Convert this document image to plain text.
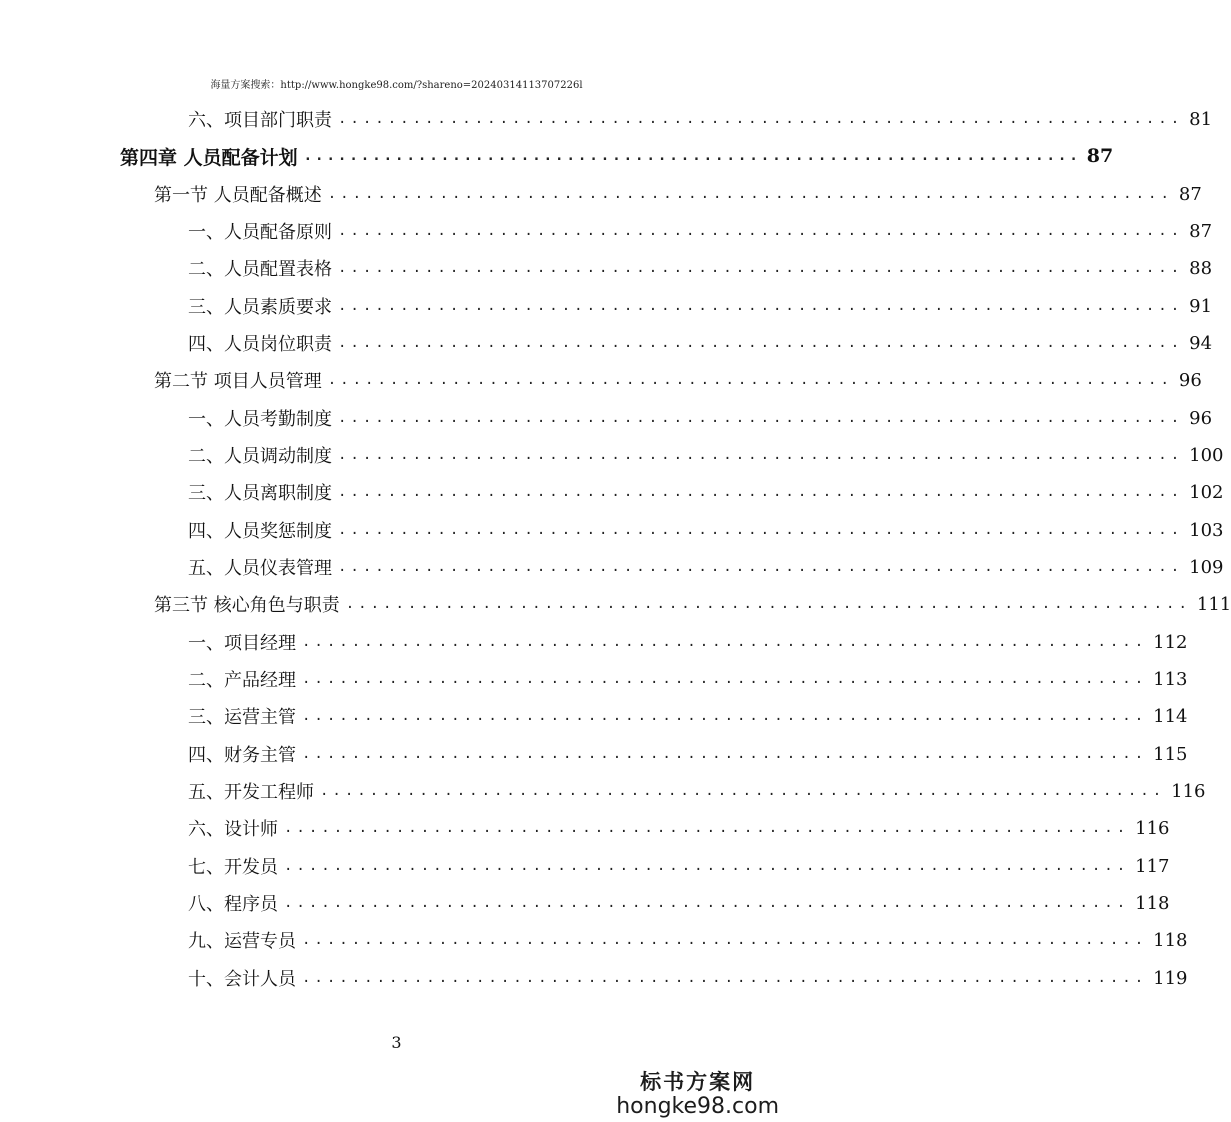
海量方案搜索：http://www.hongke98.com/?shareno=20240314113707226l
六、项目部门职责 .................................................................... 81
第四章 人员配备计划 .................................................................... 87
第一节 人员配备概述 .................................................................... 87
一、人员配备原则 .................................................................... 87
二、人员配置表格 .................................................................... 88
三、人员素质要求 .................................................................... 91
四、人员岗位职责 .................................................................... 94
第二节 项目人员管理 .................................................................... 96
一、人员考勤制度 .................................................................... 96
二、人员调动制度 .................................................................... 100
三、人员离职制度 .................................................................... 102
四、人员奖惩制度 .................................................................... 103
五、人员仪表管理 .................................................................... 109
第三节 核心角色与职责 .................................................................... 111
一、项目经理 .................................................................... 112
二、产品经理 .................................................................... 113
三、运营主管 .................................................................... 114
四、财务主管 .................................................................... 115
五、开发工程师 .................................................................... 116
六、设计师 .................................................................... 116
七、开发员 .................................................................... 117
八、程序员 .................................................................... 118
九、运营专员 .................................................................... 118
十、会计人员 .................................................................... 119
3
标书方案网
hongke98.com
